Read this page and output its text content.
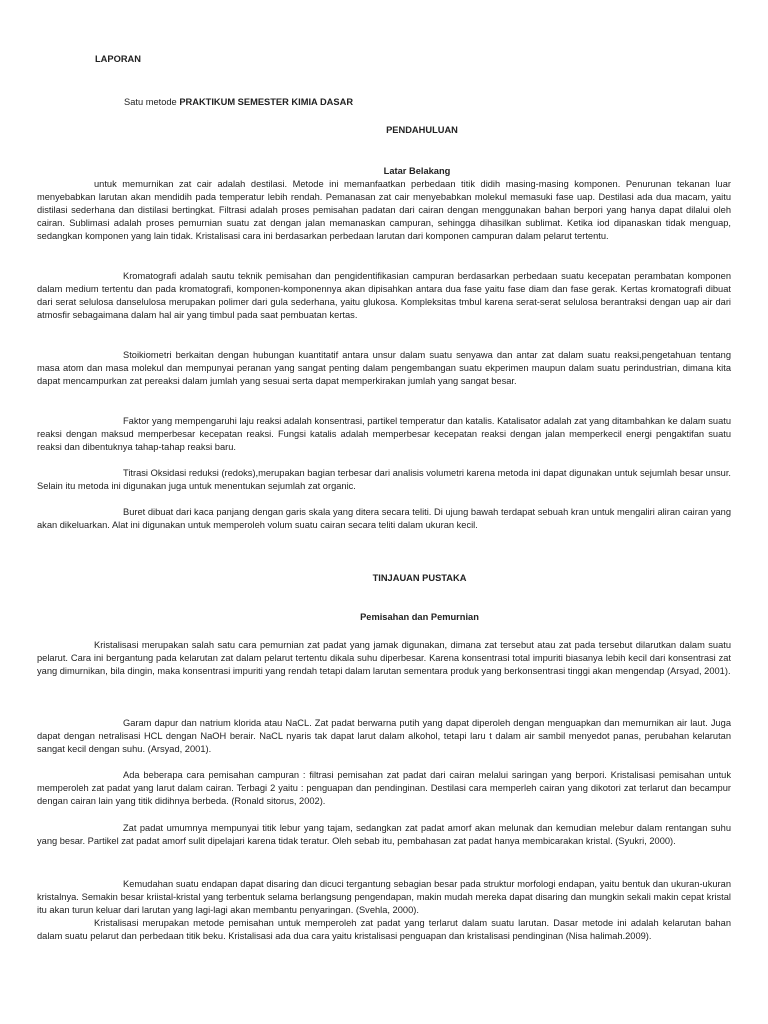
LAPORAN

Satu metode PRAKTIKUM SEMESTER KIMIA DASAR

PENDAHULUAN

Latar Belakang

untuk memurnikan zat cair adalah destilasi. Metode ini memanfaatkan perbedaan titik didih masing-masing komponen. Penurunan tekanan luar menyebabkan larutan akan mendidih pada temperatur lebih rendah. Pemanasan zat cair menyebabkan molekul memasuki fase uap. Destilasi ada dua macam, yaitu distilasi sederhana dan distilasi bertingkat. Filtrasi adalah proses pemisahan padatan dari cairan dengan menggunakan bahan berpori yang hanya dapat dilalui oleh cairan. Sublimasi adalah proses pemurnian suatu zat dengan jalan memanaskan campuran, sehingga dihasilkan sublimat. Ketika iod dipanaskan tidak menguap, sedangkan komponen yang lain tidak. Kristalisasi cara ini berdasarkan perbedaan larutan dari komponen campuran dalam pelarut tertentu.

Kromatografi adalah sautu teknik pemisahan dan pengidentifikasian campuran berdasarkan perbedaan suatu kecepatan perambatan komponen dalam medium tertentu dan pada kromatografi, komponen-komponennya akan dipisahkan antara dua fase yaitu fase diam dan fase gerak. Kertas kromatografi dibuat dari serat selulosa danselulosa merupakan polimer dari gula sederhana, yaitu glukosa. Kompleksitas tmbul karena serat-serat selulosa berantraksi dengan uap air dari atmosfir sebagaimana dalam hal air yang timbul pada saat pembuatan kertas.

Stoikiometri berkaitan dengan hubungan kuantitatif antara unsur dalam suatu senyawa dan antar zat dalam suatu reaksi,pengetahuan tentang masa atom dan masa molekul dan mempunyai peranan yang sangat penting dalam pengembangan suatu ekperimen maupun dalam suatu perindustrian, dimana kita dapat mencampurkan zat pereaksi dalam jumlah yang sesuai serta dapat memperkirakan jumlah yang sangat besar.

Faktor yang mempengaruhi laju reaksi adalah konsentrasi, partikel temperatur dan katalis. Katalisator adalah zat yang ditambahkan ke dalam suatu reaksi dengan maksud memperbesar kecepatan reaksi. Fungsi katalis adalah memperbesar kecepatan reaksi dengan jalan memperkecil energi pengaktifan suatu reaksi dan dibentuknya tahap-tahap reaksi baru.

Titrasi Oksidasi reduksi (redoks),merupakan bagian terbesar dari analisis volumetri karena metoda ini dapat digunakan untuk sejumlah besar unsur. Selain itu metoda ini digunakan juga untuk menentukan sejumlah zat organic.

Buret dibuat dari kaca panjang dengan garis skala yang ditera secara teliti. Di ujung bawah terdapat sebuah kran untuk mengaliri aliran cairan yang akan dikeluarkan. Alat ini digunakan untuk memperoleh volum suatu cairan secara teliti dalam ukuran kecil.

TINJAUAN PUSTAKA

Pemisahan dan Pemurnian

Kristalisasi merupakan salah satu cara pemurnian zat padat yang jamak digunakan, dimana zat tersebut atau zat pada tersebut dilarutkan dalam suatu pelarut. Cara ini bergantung pada kelarutan zat dalam pelarut tertentu dikala suhu diperbesar. Karena konsentrasi total impuriti biasanya lebih kecil dari konsentrasi zat yang dimurnikan, bila dingin, maka konsentrasi impuriti yang rendah tetapi dalam larutan sementara produk yang berkonsentrasi tinggi akan mengendap (Arsyad, 2001).

Garam dapur dan natrium klorida atau NaCL. Zat padat berwarna putih yang dapat diperoleh dengan menguapkan dan memurnikan air laut. Juga dapat dengan netralisasi HCL dengan NaOH berair. NaCL nyaris tak dapat larut dalam alkohol, tetapi laru t dalam air sambil menyedot panas, perubahan kelarutan sangat kecil dengan suhu. (Arsyad, 2001).

Ada beberapa cara pemisahan campuran : filtrasi pemisahan zat padat dari cairan melalui saringan yang berpori. Kristalisasi pemisahan untuk memperoleh zat padat yang larut dalam cairan. Terbagi 2 yaitu : penguapan dan pendinginan. Destilasi cara memperleh cairan yang dikotori zat terlarut dan becampur dengan cairan lain yang titik didihnya berbeda. (Ronald sitorus, 2002).

Zat padat umumnya mempunyai titik lebur yang tajam, sedangkan zat padat amorf akan melunak dan kemudian melebur dalam rentangan suhu yang besar. Partikel zat padat amorf sulit dipelajari karena tidak teratur. Oleh sebab itu, pembahasan zat padat hanya membicarakan kristal. (Syukri, 2000).

Kemudahan suatu endapan dapat disaring dan dicuci tergantung sebagian besar pada struktur morfologi endapan, yaitu bentuk dan ukuran-ukuran kristalnya. Semakin besar kriistal-kristal yang terbentuk selama berlangsung pengendapan, makin mudah mereka dapat disaring dan mungkin sekali makin cepat kristal itu akan turun keluar dari larutan yang lagi-lagi akan membantu penyaringan. (Svehla, 2000).

Kristalisasi merupakan metode pemisahan untuk memperoleh zat padat yang terlarut dalam suatu larutan. Dasar metode ini adalah kelarutan bahan dalam suatu pelarut dan perbedaan titik beku. Kristalisasi ada dua cara yaitu kristalisasi penguapan dan kristalisasi pendinginan (Nisa halimah.2009).
